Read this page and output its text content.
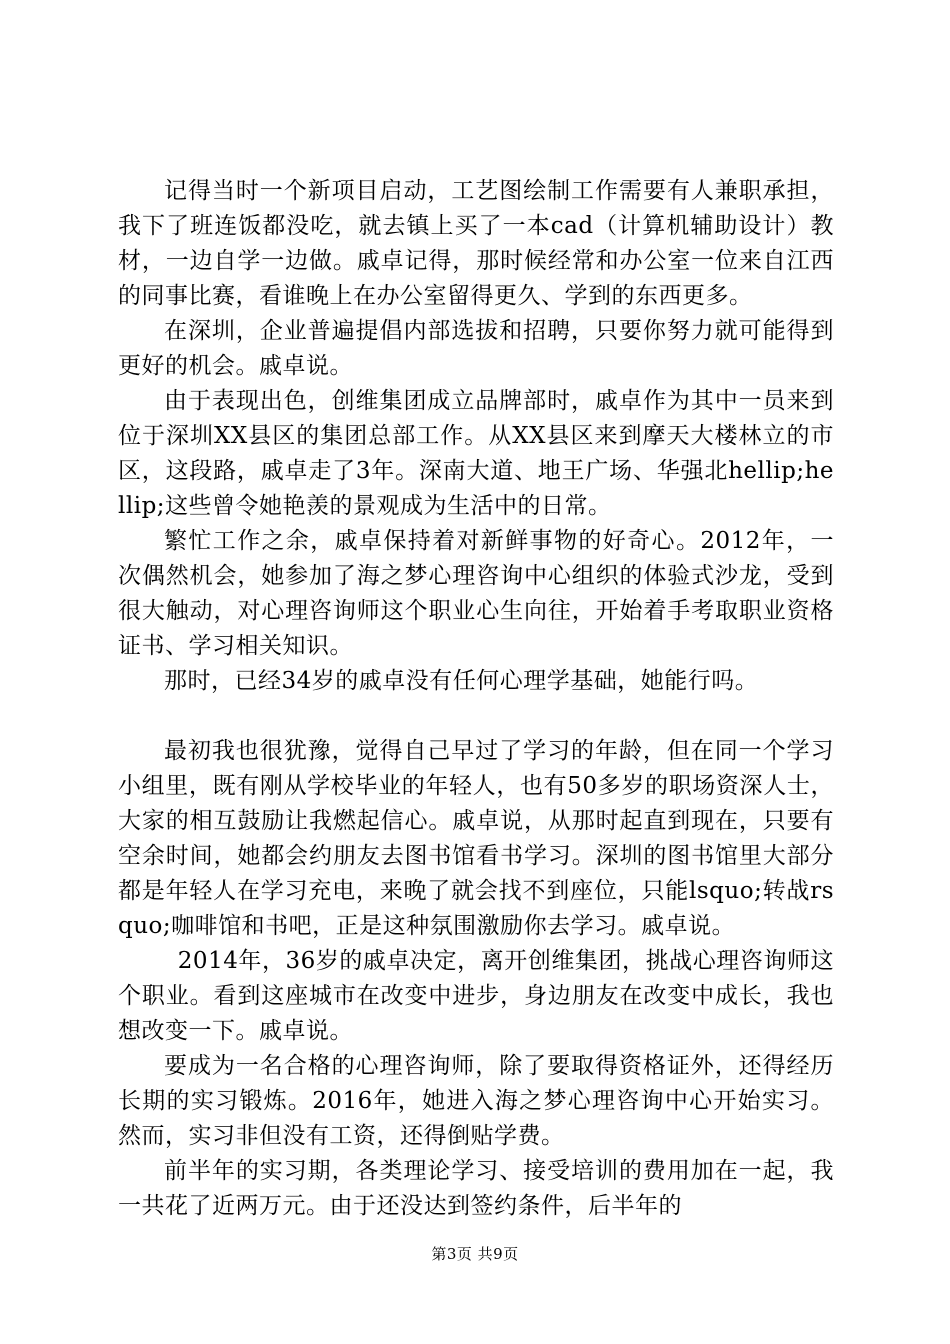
记得当时一个新项目启动，工艺图绘制工作需要有人兼职承担，我下了班连饭都没吃，就去镇上买了一本cad（计算机辅助设计）教材，一边自学一边做。戚卓记得，那时候经常和办公室一位来自江西的同事比赛，看谁晚上在办公室留得更久、学到的东西更多。

在深圳，企业普遍提倡内部选拔和招聘，只要你努力就可能得到更好的机会。戚卓说。

由于表现出色，创维集团成立品牌部时，戚卓作为其中一员来到位于深圳XX县区的集团总部工作。从XX县区来到摩天大楼林立的市区，这段路，戚卓走了3年。深南大道、地王广场、华强北hellip;hellip;这些曾令她艳羡的景观成为生活中的日常。

繁忙工作之余，戚卓保持着对新鲜事物的好奇心。2012年，一次偶然机会，她参加了海之梦心理咨询中心组织的体验式沙龙，受到很大触动，对心理咨询师这个职业心生向往，开始着手考取职业资格证书、学习相关知识。

那时，已经34岁的戚卓没有任何心理学基础，她能行吗。

最初我也很犹豫，觉得自己早过了学习的年龄，但在同一个学习小组里，既有刚从学校毕业的年轻人，也有50多岁的职场资深人士，大家的相互鼓励让我燃起信心。戚卓说，从那时起直到现在，只要有空余时间，她都会约朋友去图书馆看书学习。深圳的图书馆里大部分都是年轻人在学习充电，来晚了就会找不到座位，只能lsquo;转战rsquo;咖啡馆和书吧，正是这种氛围激励你去学习。戚卓说。

2014年，36岁的戚卓决定，离开创维集团，挑战心理咨询师这个职业。看到这座城市在改变中进步，身边朋友在改变中成长，我也想改变一下。戚卓说。

要成为一名合格的心理咨询师，除了要取得资格证外，还得经历长期的实习锻炼。2016年，她进入海之梦心理咨询中心开始实习。然而，实习非但没有工资，还得倒贴学费。

前半年的实习期，各类理论学习、接受培训的费用加在一起，我一共花了近两万元。由于还没达到签约条件，后半年的

第3页 共9页
